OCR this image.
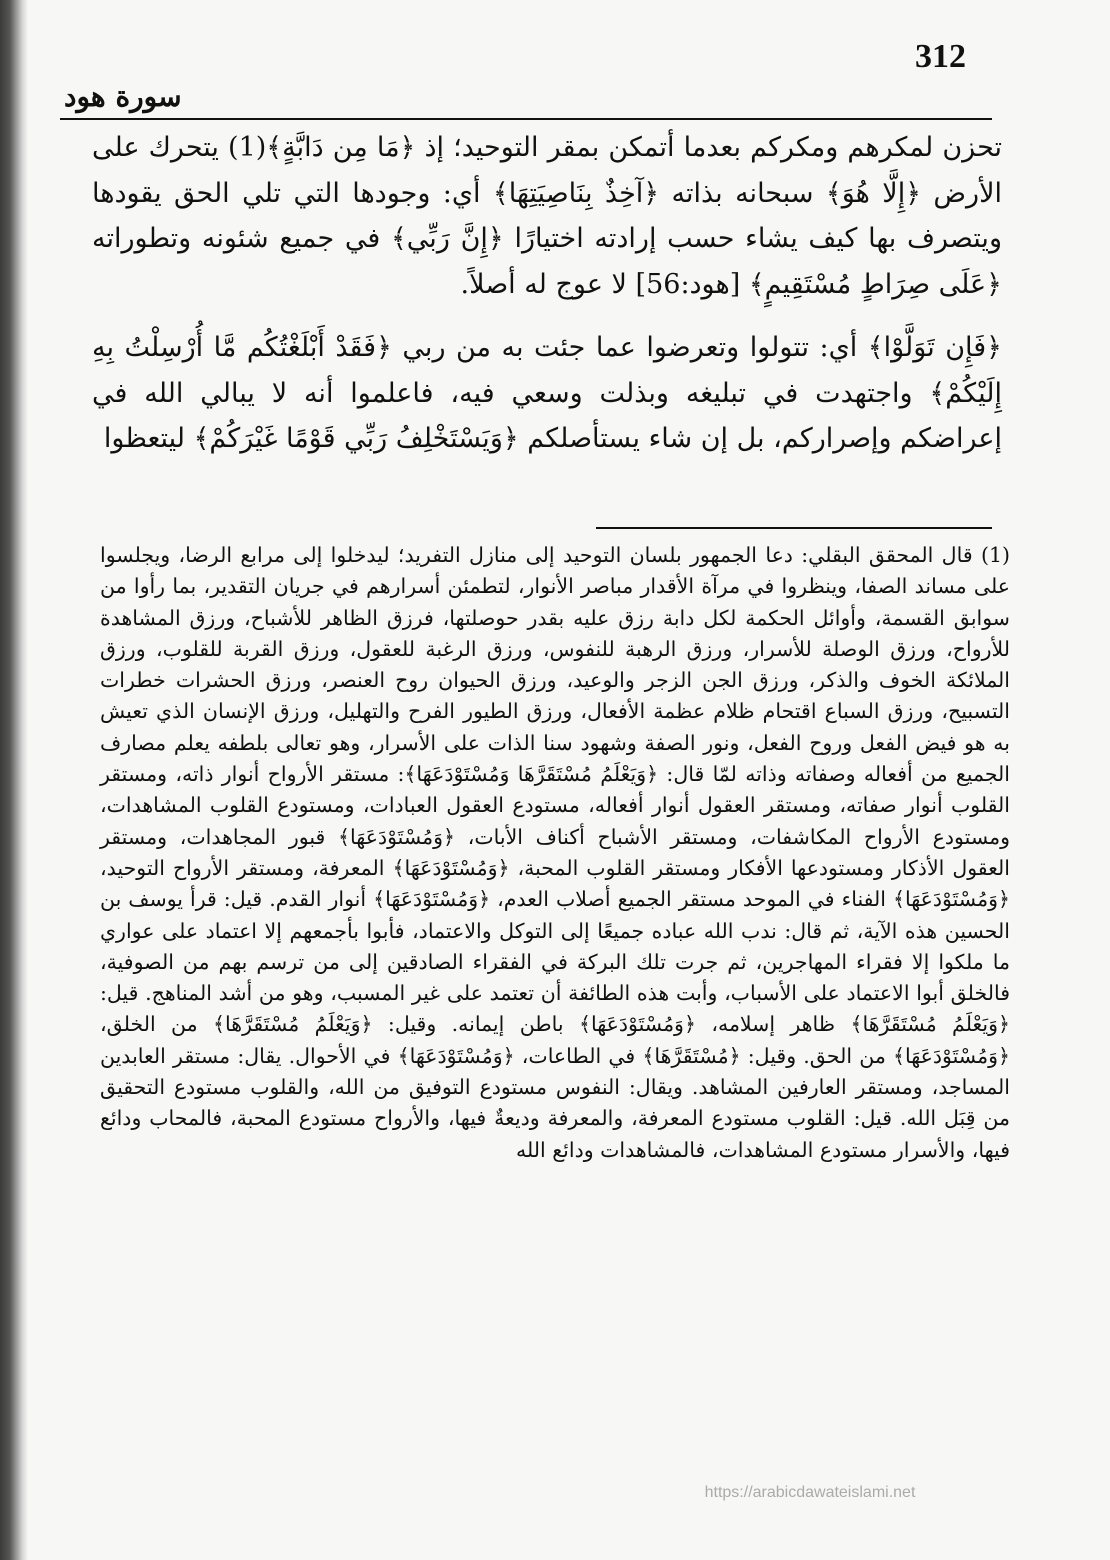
312
سورة هود

تحزن لمكرهم ومكركم بعدما أتمكن بمقر التوحيد؛ إذ ﴿مَا مِن دَابَّةٍ﴾(1) يتحرك على الأرض ﴿إِلَّا هُوَ﴾ سبحانه بذاته ﴿آخِذٌ بِنَاصِيَتِهَا﴾ أي: وجودها التي تلي الحق يقودها ويتصرف بها كيف يشاء حسب إرادته اختيارًا ﴿إِنَّ رَبِّي﴾ في جميع شئونه وتطوراته ﴿عَلَى صِرَاطٍ مُسْتَقِيمٍ﴾ [هود:56] لا عوج له أصلاً.

﴿فَإِن تَوَلَّوْا﴾ أي: تتولوا وتعرضوا عما جئت به من ربي ﴿فَقَدْ أَبْلَغْتُكُم مَّا أُرْسِلْتُ بِهِ إِلَيْكُمْ﴾ واجتهدت في تبليغه وبذلت وسعي فيه، فاعلموا أنه لا يبالي الله في إعراضكم وإصراركم، بل إن شاء يستأصلكم ﴿وَيَسْتَخْلِفُ رَبِّي قَوْمًا غَيْرَكُمْ﴾ ليتعظوا

(1) قال المحقق البقلي: دعا الجمهور بلسان التوحيد إلى منازل التفريد؛ ليدخلوا إلى مرابع الرضا، ويجلسوا على مساند الصفا، وينظروا في مرآة الأقدار مباصر الأنوار، لتطمئن أسرارهم في جريان التقدير، بما رأوا من سوابق القسمة، وأوائل الحكمة لكل دابة رزق عليه بقدر حوصلتها، فرزق الظاهر للأشباح، ورزق المشاهدة للأرواح، ورزق الوصلة للأسرار، ورزق الرهبة للنفوس، ورزق الرغبة للعقول، ورزق القربة للقلوب، ورزق الملائكة الخوف والذكر، ورزق الجن الزجر والوعيد، ورزق الحيوان روح العنصر، ورزق الحشرات خطرات التسبيح، ورزق السباع اقتحام ظلام عظمة الأفعال، ورزق الطيور الفرح والتهليل، ورزق الإنسان الذي تعيش به هو فيض الفعل وروح الفعل، ونور الصفة وشهود سنا الذات على الأسرار، وهو تعالى بلطفه يعلم مصارف الجميع من أفعاله وصفاته وذاته لمّا قال: ﴿وَيَعْلَمُ مُسْتَقَرَّهَا وَمُسْتَوْدَعَهَا﴾: مستقر الأرواح أنوار ذاته، ومستقر القلوب أنوار صفاته، ومستقر العقول أنوار أفعاله، مستودع العقول العبادات، ومستودع القلوب المشاهدات، ومستودع الأرواح المكاشفات، ومستقر الأشباح أكناف الأبات، ﴿وَمُسْتَوْدَعَهَا﴾ قبور المجاهدات، ومستقر العقول الأذكار ومستودعها الأفكار ومستقر القلوب المحبة، ﴿وَمُسْتَوْدَعَهَا﴾ المعرفة، ومستقر الأرواح التوحيد، ﴿وَمُسْتَوْدَعَهَا﴾ الفناء في الموحد مستقر الجميع أصلاب العدم، ﴿وَمُسْتَوْدَعَهَا﴾ أنوار القدم. قيل: قرأ يوسف بن الحسين هذه الآية، ثم قال: ندب الله عباده جميعًا إلى التوكل والاعتماد، فأبوا بأجمعهم إلا اعتماد على عواري ما ملكوا إلا فقراء المهاجرين، ثم جرت تلك البركة في الفقراء الصادقين إلى من ترسم بهم من الصوفية، فالخلق أبوا الاعتماد على الأسباب، وأبت هذه الطائفة أن تعتمد على غير المسبب، وهو من أشد المناهج. قيل: ﴿وَيَعْلَمُ مُسْتَقَرَّهَا﴾ ظاهر إسلامه، ﴿وَمُسْتَوْدَعَهَا﴾ باطن إيمانه. وقيل: ﴿وَيَعْلَمُ مُسْتَقَرَّهَا﴾ من الخلق، ﴿وَمُسْتَوْدَعَهَا﴾ من الحق. وقيل: ﴿مُسْتَقَرَّهَا﴾ في الطاعات، ﴿وَمُسْتَوْدَعَهَا﴾ في الأحوال. يقال: مستقر العابدين المساجد، ومستقر العارفين المشاهد. ويقال: النفوس مستودع التوفيق من الله، والقلوب مستودع التحقيق من قِبَل الله. قيل: القلوب مستودع المعرفة، والمعرفة وديعةٌ فيها، والأرواح مستودع المحبة، فالمحاب ودائع فيها، والأسرار مستودع المشاهدات، فالمشاهدات ودائع الله

https://arabicdawateislami.net
